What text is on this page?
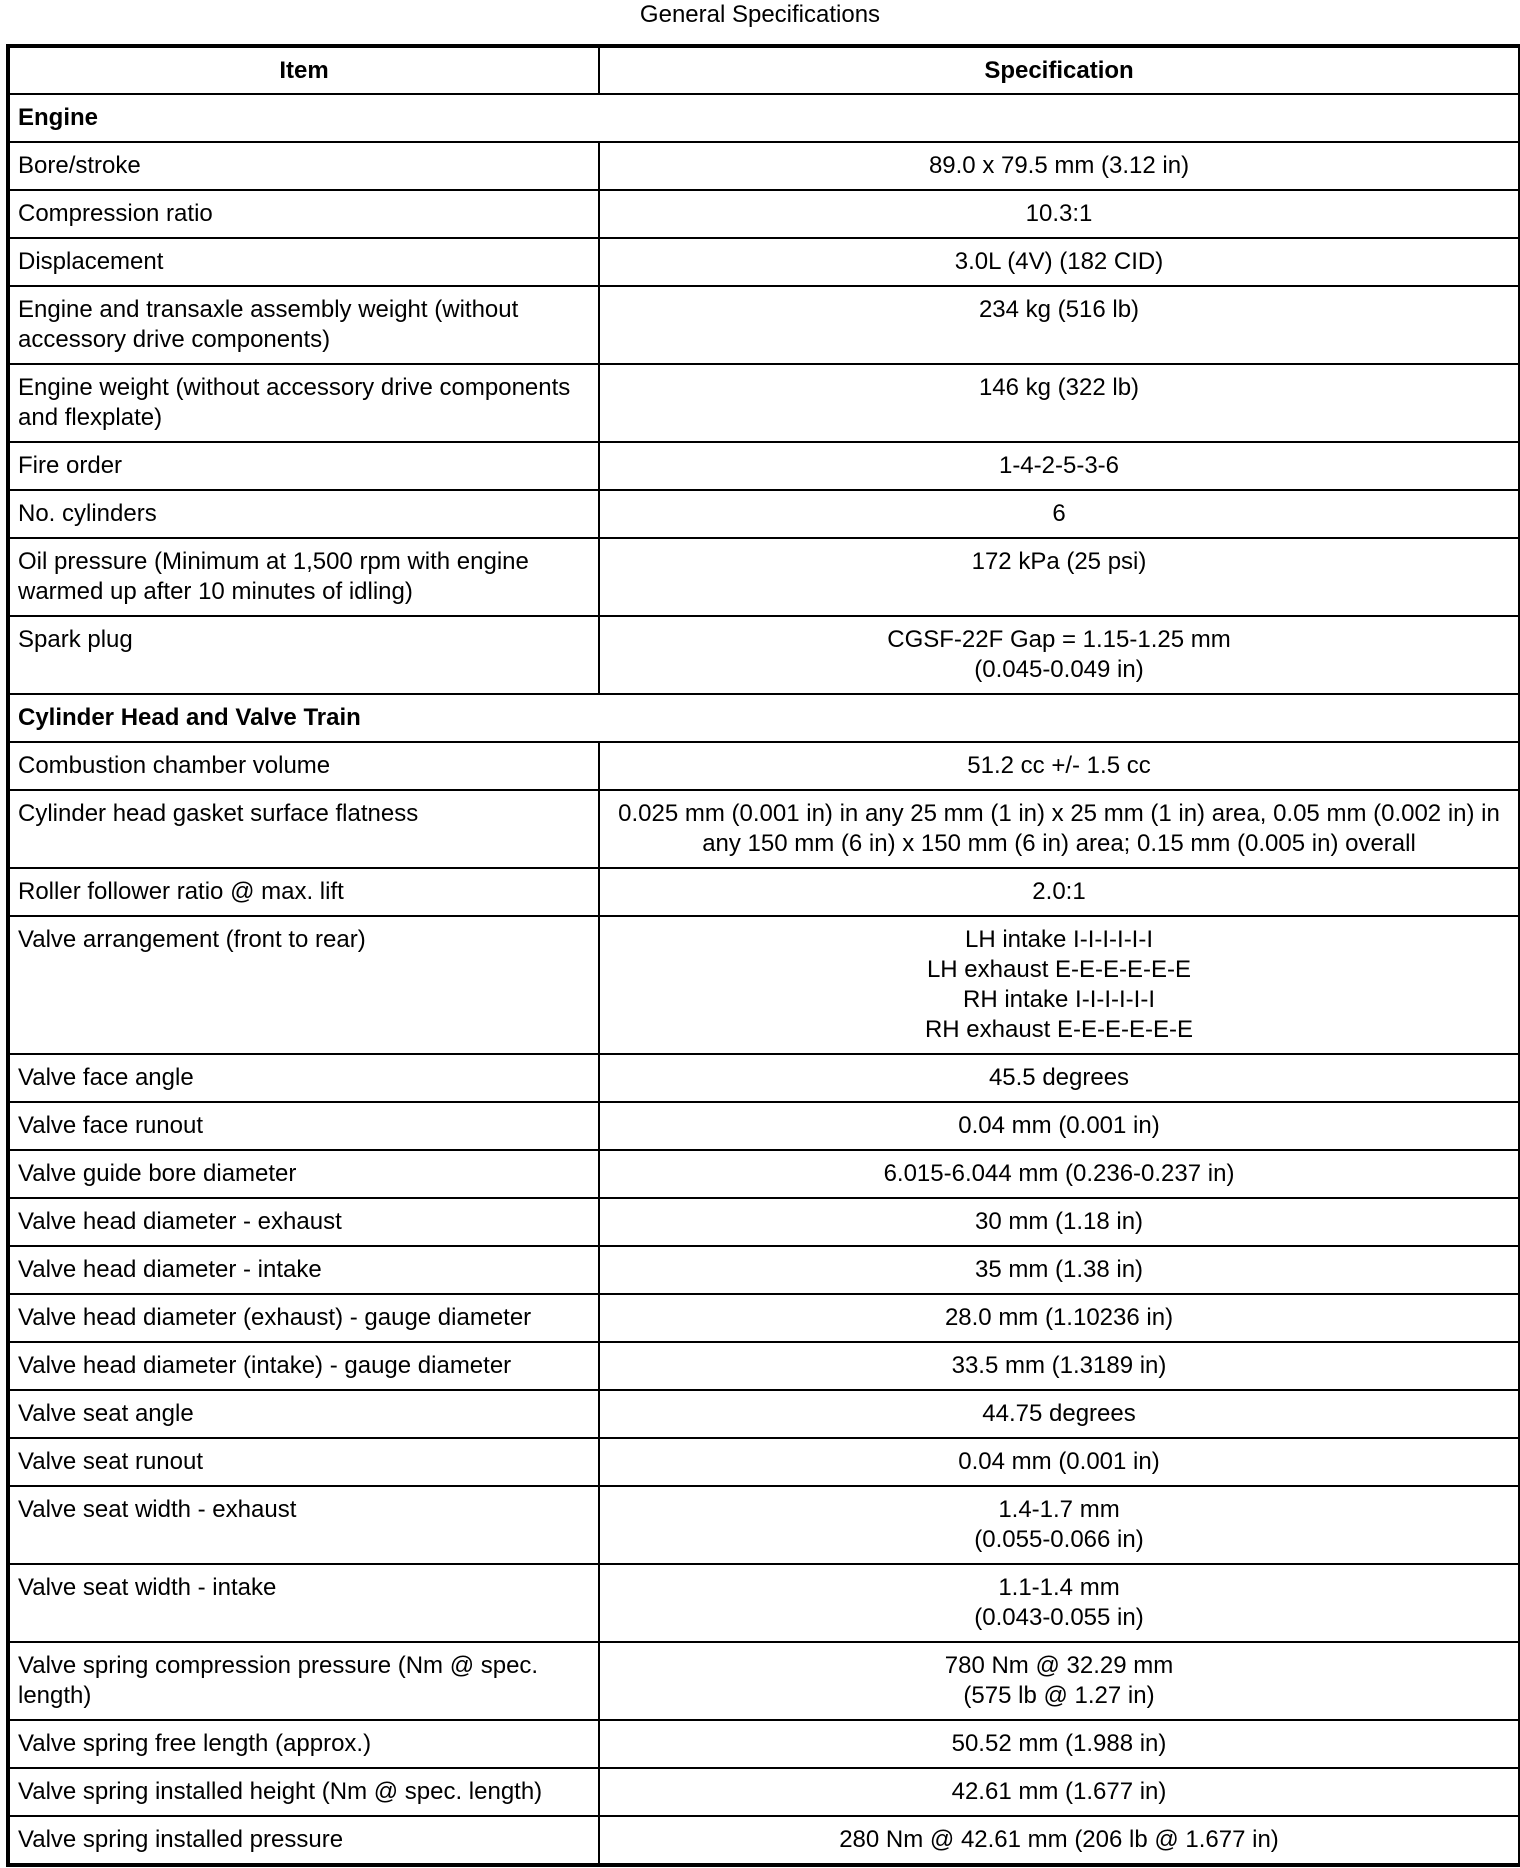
General Specifications
Item	Specification
Engine	
Bore/stroke	89.0 x 79.5 mm (3.12 in)
Compression ratio	10.3:1
Displacement	3.0L (4V) (182 CID)
Engine and transaxle assembly weight (without accessory drive components)	234 kg (516 lb)
Engine weight (without accessory drive components and flexplate)	146 kg (322 lb)
Fire order	1-4-2-5-3-6
No. cylinders	6
Oil pressure (Minimum at 1,500 rpm with engine warmed up after 10 minutes of idling)	172 kPa (25 psi)
Spark plug	CGSF-22F Gap = 1.15-1.25 mm
(0.045-0.049 in)
Cylinder Head and Valve Train	
Combustion chamber volume	51.2 cc +/- 1.5 cc
Cylinder head gasket surface flatness	0.025 mm (0.001 in) in any 25 mm (1 in) x 25 mm (1 in) area, 0.05 mm (0.002 in) in any 150 mm (6 in) x 150 mm (6 in) area; 0.15 mm (0.005 in) overall
Roller follower ratio @ max. lift	2.0:1
Valve arrangement (front to rear)	LH intake I-I-I-I-I-I
LH exhaust E-E-E-E-E-E
RH intake I-I-I-I-I-I
RH exhaust E-E-E-E-E-E
Valve face angle	45.5 degrees
Valve face runout	0.04 mm (0.001 in)
Valve guide bore diameter	6.015-6.044 mm (0.236-0.237 in)
Valve head diameter - exhaust	30 mm (1.18 in)
Valve head diameter - intake	35 mm (1.38 in)
Valve head diameter (exhaust) - gauge diameter	28.0 mm (1.10236 in)
Valve head diameter (intake) - gauge diameter	33.5 mm (1.3189 in)
Valve seat angle	44.75 degrees
Valve seat runout	0.04 mm (0.001 in)
Valve seat width - exhaust	1.4-1.7 mm
(0.055-0.066 in)
Valve seat width - intake	1.1-1.4 mm
(0.043-0.055 in)
Valve spring compression pressure (Nm @ spec. length)	780 Nm @ 32.29 mm
(575 lb @ 1.27 in)
Valve spring free length (approx.)	50.52 mm (1.988 in)
Valve spring installed height (Nm @ spec. length)	42.61 mm (1.677 in)
Valve spring installed pressure	280 Nm @ 42.61 mm (206 lb @ 1.677 in)
